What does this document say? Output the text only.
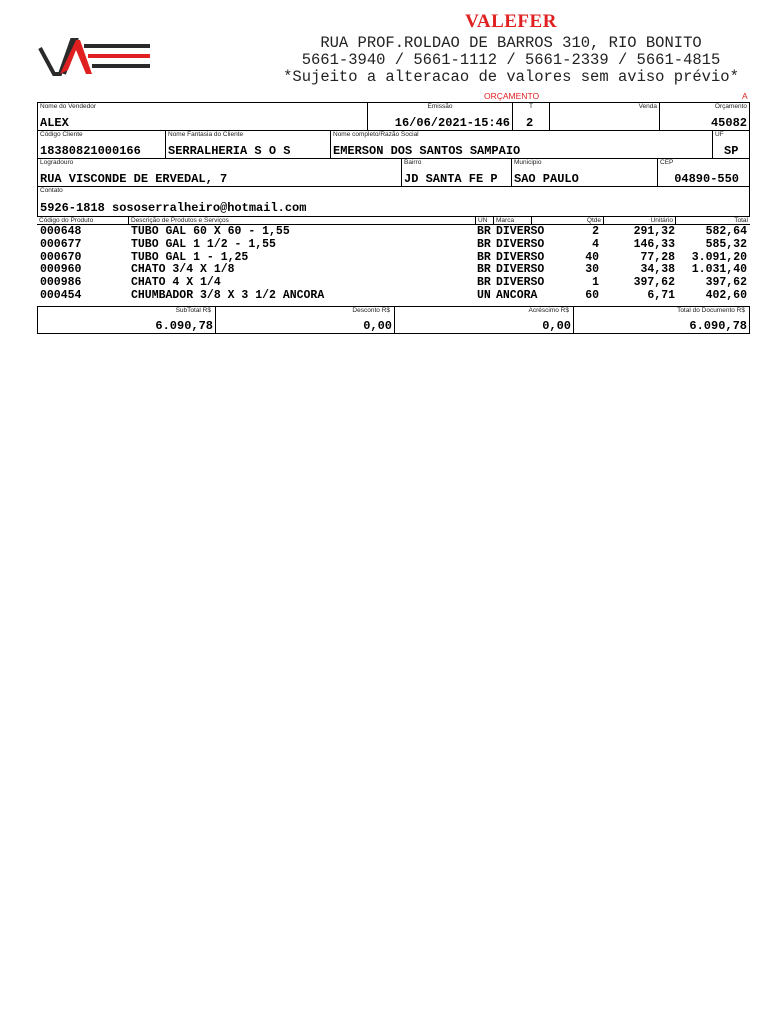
VALEFER
RUA PROF.ROLDAO DE BARROS 310, RIO BONITO
5661-3940 / 5661-1112 / 5661-2339 / 5661-4815
*Sujeito a alteracao de valores sem aviso prévio*
ORÇAMENTO	A
Nome do Vendedor
ALEX
Emissão
16/06/2021-15:46
T
2
Venda	Orçamento
45082
Código Cliente
18380821000166
Nome Fantasia do Cliente
SERRALHERIA S O S
Nome completo/Razão Social
EMERSON DOS SANTOS SAMPAIO
UF
SP
Logradouro
RUA VISCONDE DE ERVEDAL, 7
Bairro
JD SANTA FE P
Municipio
SAO PAULO
CEP
04890-550
Contato
5926-1818 sososerralheiro@hotmail.com
Código do Produto	Descrição de Produtos e Serviços	UN	Marca	Qtde	Unitário	Total
000648	TUBO GAL 60 X 60 - 1,55	BR DIVERSO	2	291,32	582,64
000677	TUBO GAL 1 1/2 - 1,55	BR DIVERSO	4	146,33	585,32
000670	TUBO GAL 1 - 1,25	BR DIVERSO	40	77,28 3.091,20
000960	CHATO 3/4 X 1/8	BR DIVERSO	30	34,38 1.031,40
000986	CHATO 4 X 1/4	BR DIVERSO	1	397,62	397,62
000454	CHUMBADOR 3/8 X 3 1/2 ANCORA	UN ANCORA	60	6,71	402,60
SubTotal R$
6.090,78
Desconto R$
0,00
Acréscimo R$
0,00
Total do Documento R$
6.090,78
